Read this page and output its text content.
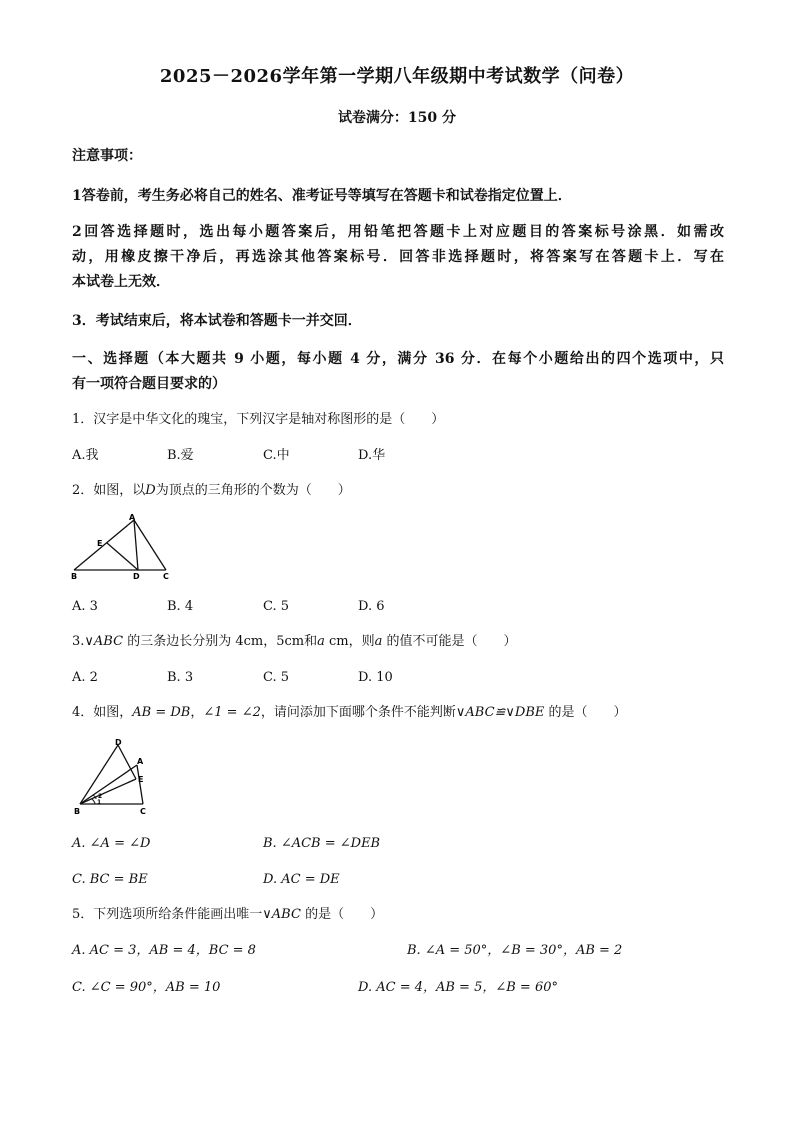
2025－2026学年第一学期八年级期中考试数学（问卷）
试卷满分：150 分
注意事项：
1答卷前，考生务必将自己的姓名、准考证号等填写在答题卡和试卷指定位置上．
2回答选择题时，选出每小题答案后，用铅笔把答题卡上对应题目的答案标号涂黑．如需改
动，用橡皮擦干净后，再选涂其他答案标号．回答非选择题时，将答案写在答题卡上．写在
本试卷上无效．
3．考试结束后，将本试卷和答题卡一并交回．
一、选择题（本大题共 9 小题，每小题 4 分，满分 36 分．在每个小题给出的四个选项中，只
有一项符合题目要求的）
1．汉字是中华文化的瑰宝，下列汉字是轴对称图形的是（　　）
A.我	B.爱	C.中	D.华
2．如图，以D为顶点的三角形的个数为（　　）
A
E
B	D	C
A. 3	B. 4	C. 5	D. 6
3.∨ABC 的三条边长分别为 4cm，5cm和a cm，则a 的值不可能是（　　）
A. 2	B. 3	C. 5	D. 10
4．如图，AB = DB，∠1 = ∠2，请问添加下面哪个条件不能判断∨ABC≌∨DBE 的是（　　）
D
A
E
B	C
1
2
A. ∠A = ∠D	B. ∠ACB = ∠DEB
C. BC = BE	D. AC = DE
5．下列选项所给条件能画出唯一∨ABC 的是（　　）
A. AC = 3，AB = 4，BC = 8	B. ∠A = 50°，∠B = 30°，AB = 2
C. ∠C = 90°，AB = 10	D. AC = 4，AB = 5，∠B = 60°
